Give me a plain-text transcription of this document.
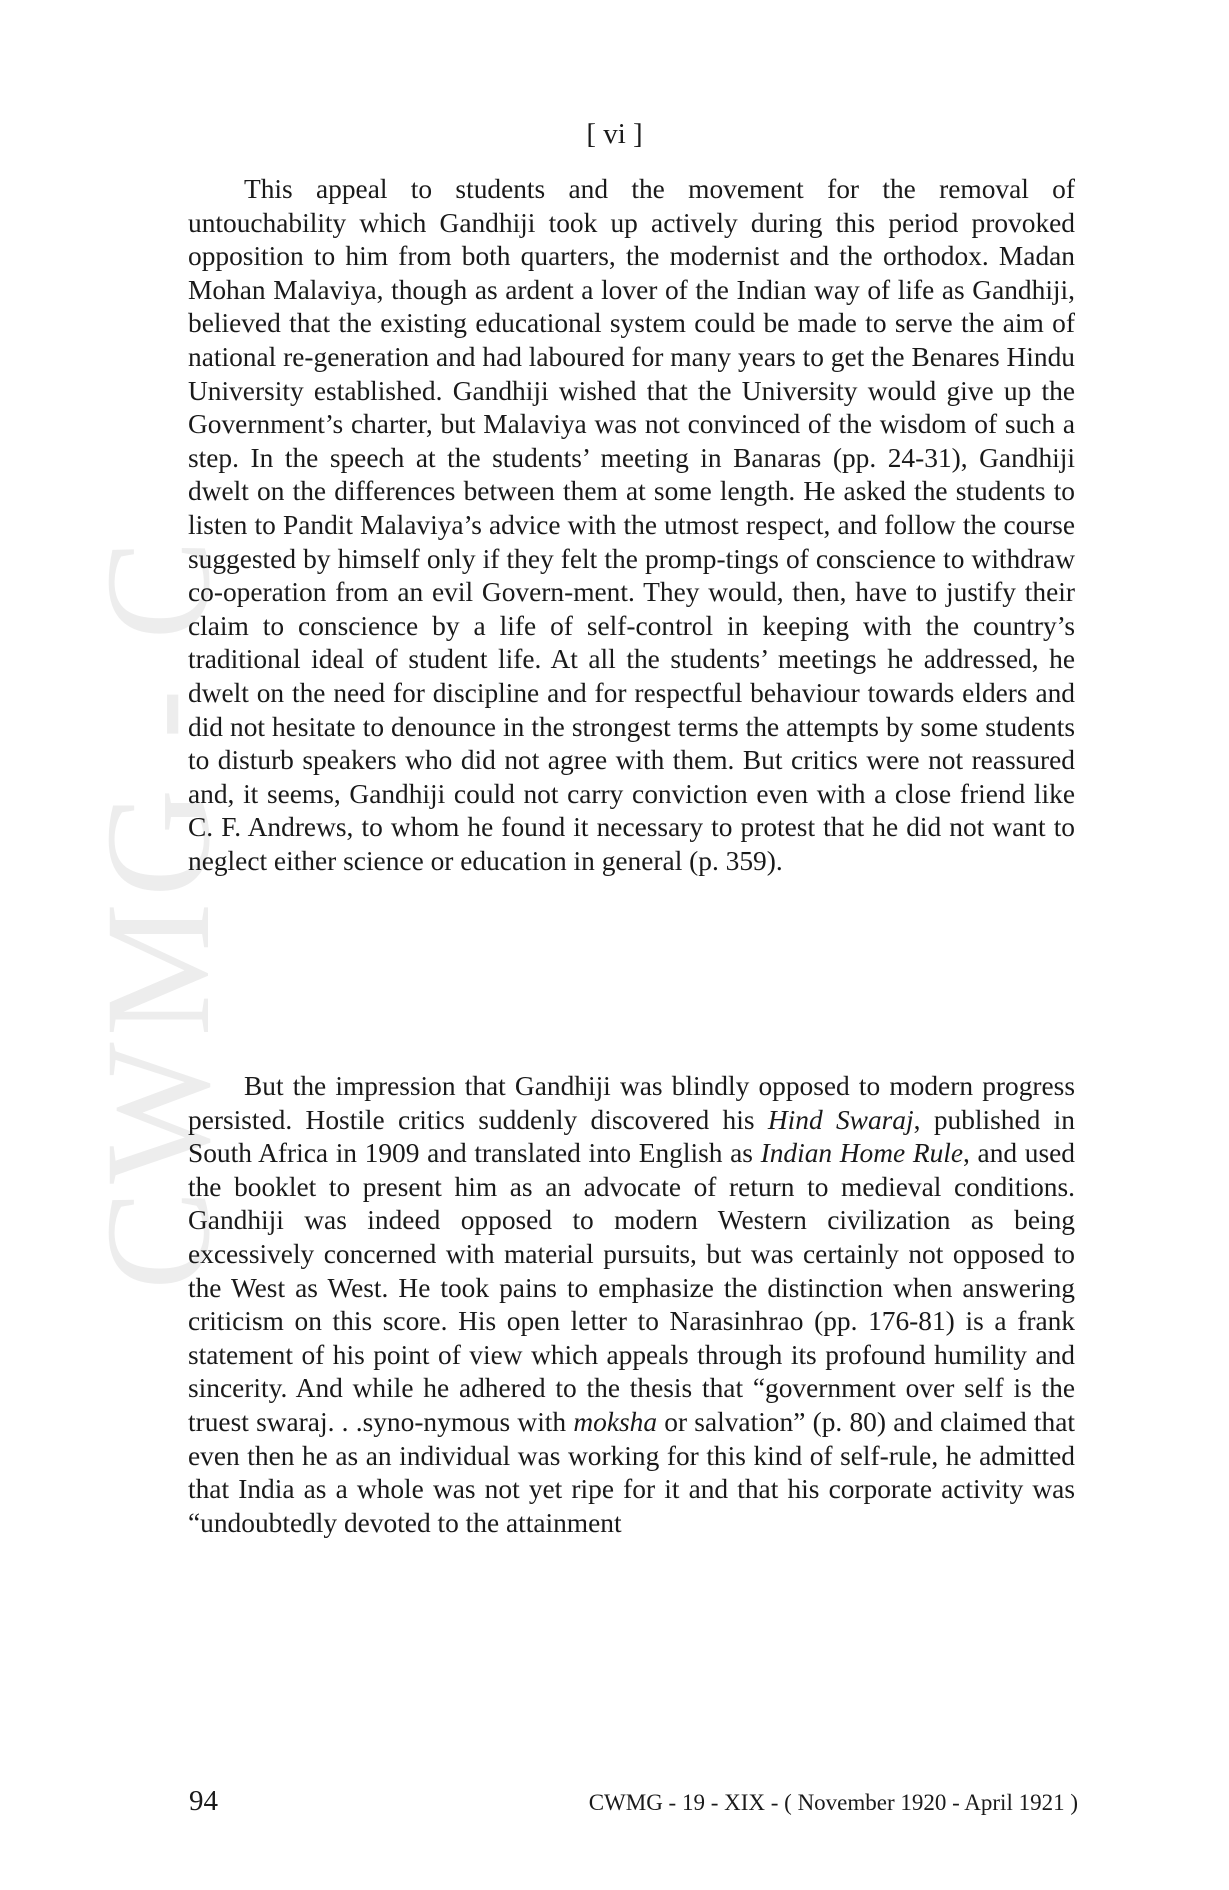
CWMG - C
[ vi ]

This appeal to students and the movement for the removal of untouchability which Gandhiji took up actively during this period provoked opposition to him from both quarters, the modernist and the orthodox. Madan Mohan Malaviya, though as ardent a lover of the Indian way of life as Gandhiji, believed that the existing educational system could be made to serve the aim of national re-generation and had laboured for many years to get the Benares Hindu University established. Gandhiji wished that the University would give up the Government’s charter, but Malaviya was not convinced of the wisdom of such a step. In the speech at the students’ meeting in Banaras (pp. 24-31), Gandhiji dwelt on the differences between them at some length. He asked the students to listen to Pandit Malaviya’s advice with the utmost respect, and follow the course suggested by himself only if they felt the promp-tings of conscience to withdraw co-operation from an evil Govern-ment. They would, then, have to justify their claim to conscience by a life of self-control in keeping with the country’s traditional ideal of student life. At all the students’ meetings he addressed, he dwelt on the need for discipline and for respectful behaviour towards elders and did not hesitate to denounce in the strongest terms the attempts by some students to disturb speakers who did not agree with them. But critics were not reassured and, it seems, Gandhiji could not carry conviction even with a close friend like C. F. Andrews, to whom he found it necessary to protest that he did not want to neglect either science or education in general (p. 359).

But the impression that Gandhiji was blindly opposed to modern progress persisted. Hostile critics suddenly discovered his Hind Swaraj, published in South Africa in 1909 and translated into English as Indian Home Rule, and used the booklet to present him as an advocate of return to medieval conditions. Gandhiji was indeed opposed to modern Western civilization as being excessively concerned with material pursuits, but was certainly not opposed to the West as West. He took pains to emphasize the distinction when answering criticism on this score. His open letter to Narasinhrao (pp. 176-81) is a frank statement of his point of view which appeals through its profound humility and sincerity. And while he adhered to the thesis that “government over self is the truest swaraj. . .syno-nymous with moksha or salvation” (p. 80) and claimed that even then he as an individual was working for this kind of self-rule, he admitted that India as a whole was not yet ripe for it and that his corporate activity was “undoubtedly devoted to the attainment

94	CWMG - 19 - XIX - ( November 1920 - April 1921 )
